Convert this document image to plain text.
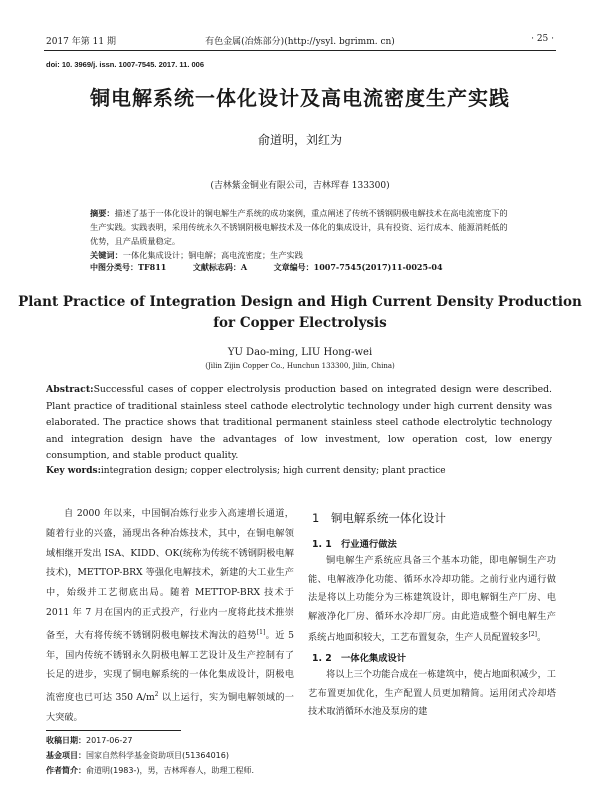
2017 年第 11 期	有色金属(冶炼部分)(http://ysyl. bgrimm. cn)	· 25 ·
doi: 10. 3969/j. issn. 1007-7545. 2017. 11. 006
铜电解系统一体化设计及高电流密度生产实践
俞道明，刘红为
(吉林紫金铜业有限公司，吉林珲春 133300)
摘要：描述了基于一体化设计的铜电解生产系统的成功案例，重点阐述了传统不锈钢阴极电解技术在高电流密度下的生产实践。实践表明，采用传统永久不锈钢阴极电解技术及一体化的集成设计，具有投资、运行成本、能源消耗低的优势，且产品质量稳定。
关键词：一体化集成设计；铜电解；高电流密度；生产实践
中图分类号：TF811	文献标志码：A	文章编号：1007-7545(2017)11-0025-04
Plant Practice of Integration Design and High Current Density Production
for Copper Electrolysis
YU Dao-ming, LIU Hong-wei
(Jilin Zijin Copper Co., Hunchun 133300, Jilin, China)
Abstract:Successful cases of copper electrolysis production based on integrated design were described. Plant practice of traditional stainless steel cathode electrolytic technology under high current density was elaborated. The practice shows that traditional permanent stainless steel cathode electrolytic technology and integration design have the advantages of low investment, low operation cost, low energy consumption, and stable product quality.
Key words:integration design; copper electrolysis; high current density; plant practice
自 2000 年以来，中国铜冶炼行业步入高速增长通道，随着行业的兴盛，涌现出各种冶炼技术，其中，在铜电解领域相继开发出 ISA、KIDD、OK(统称为传统不锈钢阴极电解技术)，METTOP-BRX 等强化电解技术，新建的大工业生产中，始级并工艺彻底出局。随着 METTOP-BRX 技术于 2011 年 7 月在国内的正式投产，行业内一度将此技术推崇备至，大有将传统不锈钢阴极电解技术淘汰的趋势[1]。近 5 年，国内传统不锈钢永久阴极电解工艺设计及生产控制有了长足的进步，实现了铜电解系统的一体化集成设计，阴极电流密度也已可达 350 $A/m^2$ 以上运行，实为铜电解领域的一大突破。
1　铜电解系统一体化设计
1. 1　行业通行做法

铜电解生产系统应具备三个基本功能，即电解铜生产功能、电解液净化功能、循环水冷却功能。之前行业内通行做法是将以上功能分为三栋建筑设计，即电解铜生产厂房、电解液净化厂房、循环水冷却厂房。由此造成整个铜电解生产系统占地面积较大，工艺布置复杂，生产人员配置较多[2]。

1. 2　一体化集成设计

将以上三个功能合成在一栋建筑中，使占地面积减少，工艺布置更加优化，生产配置人员更加精简。运用闭式冷却塔技术取消循环水池及泵房的建

收稿日期：2017-06-27
基金项目：国家自然科学基金资助项目(51364016)
作者简介：俞道明(1983-)，男，吉林珲春人，助理工程师.
